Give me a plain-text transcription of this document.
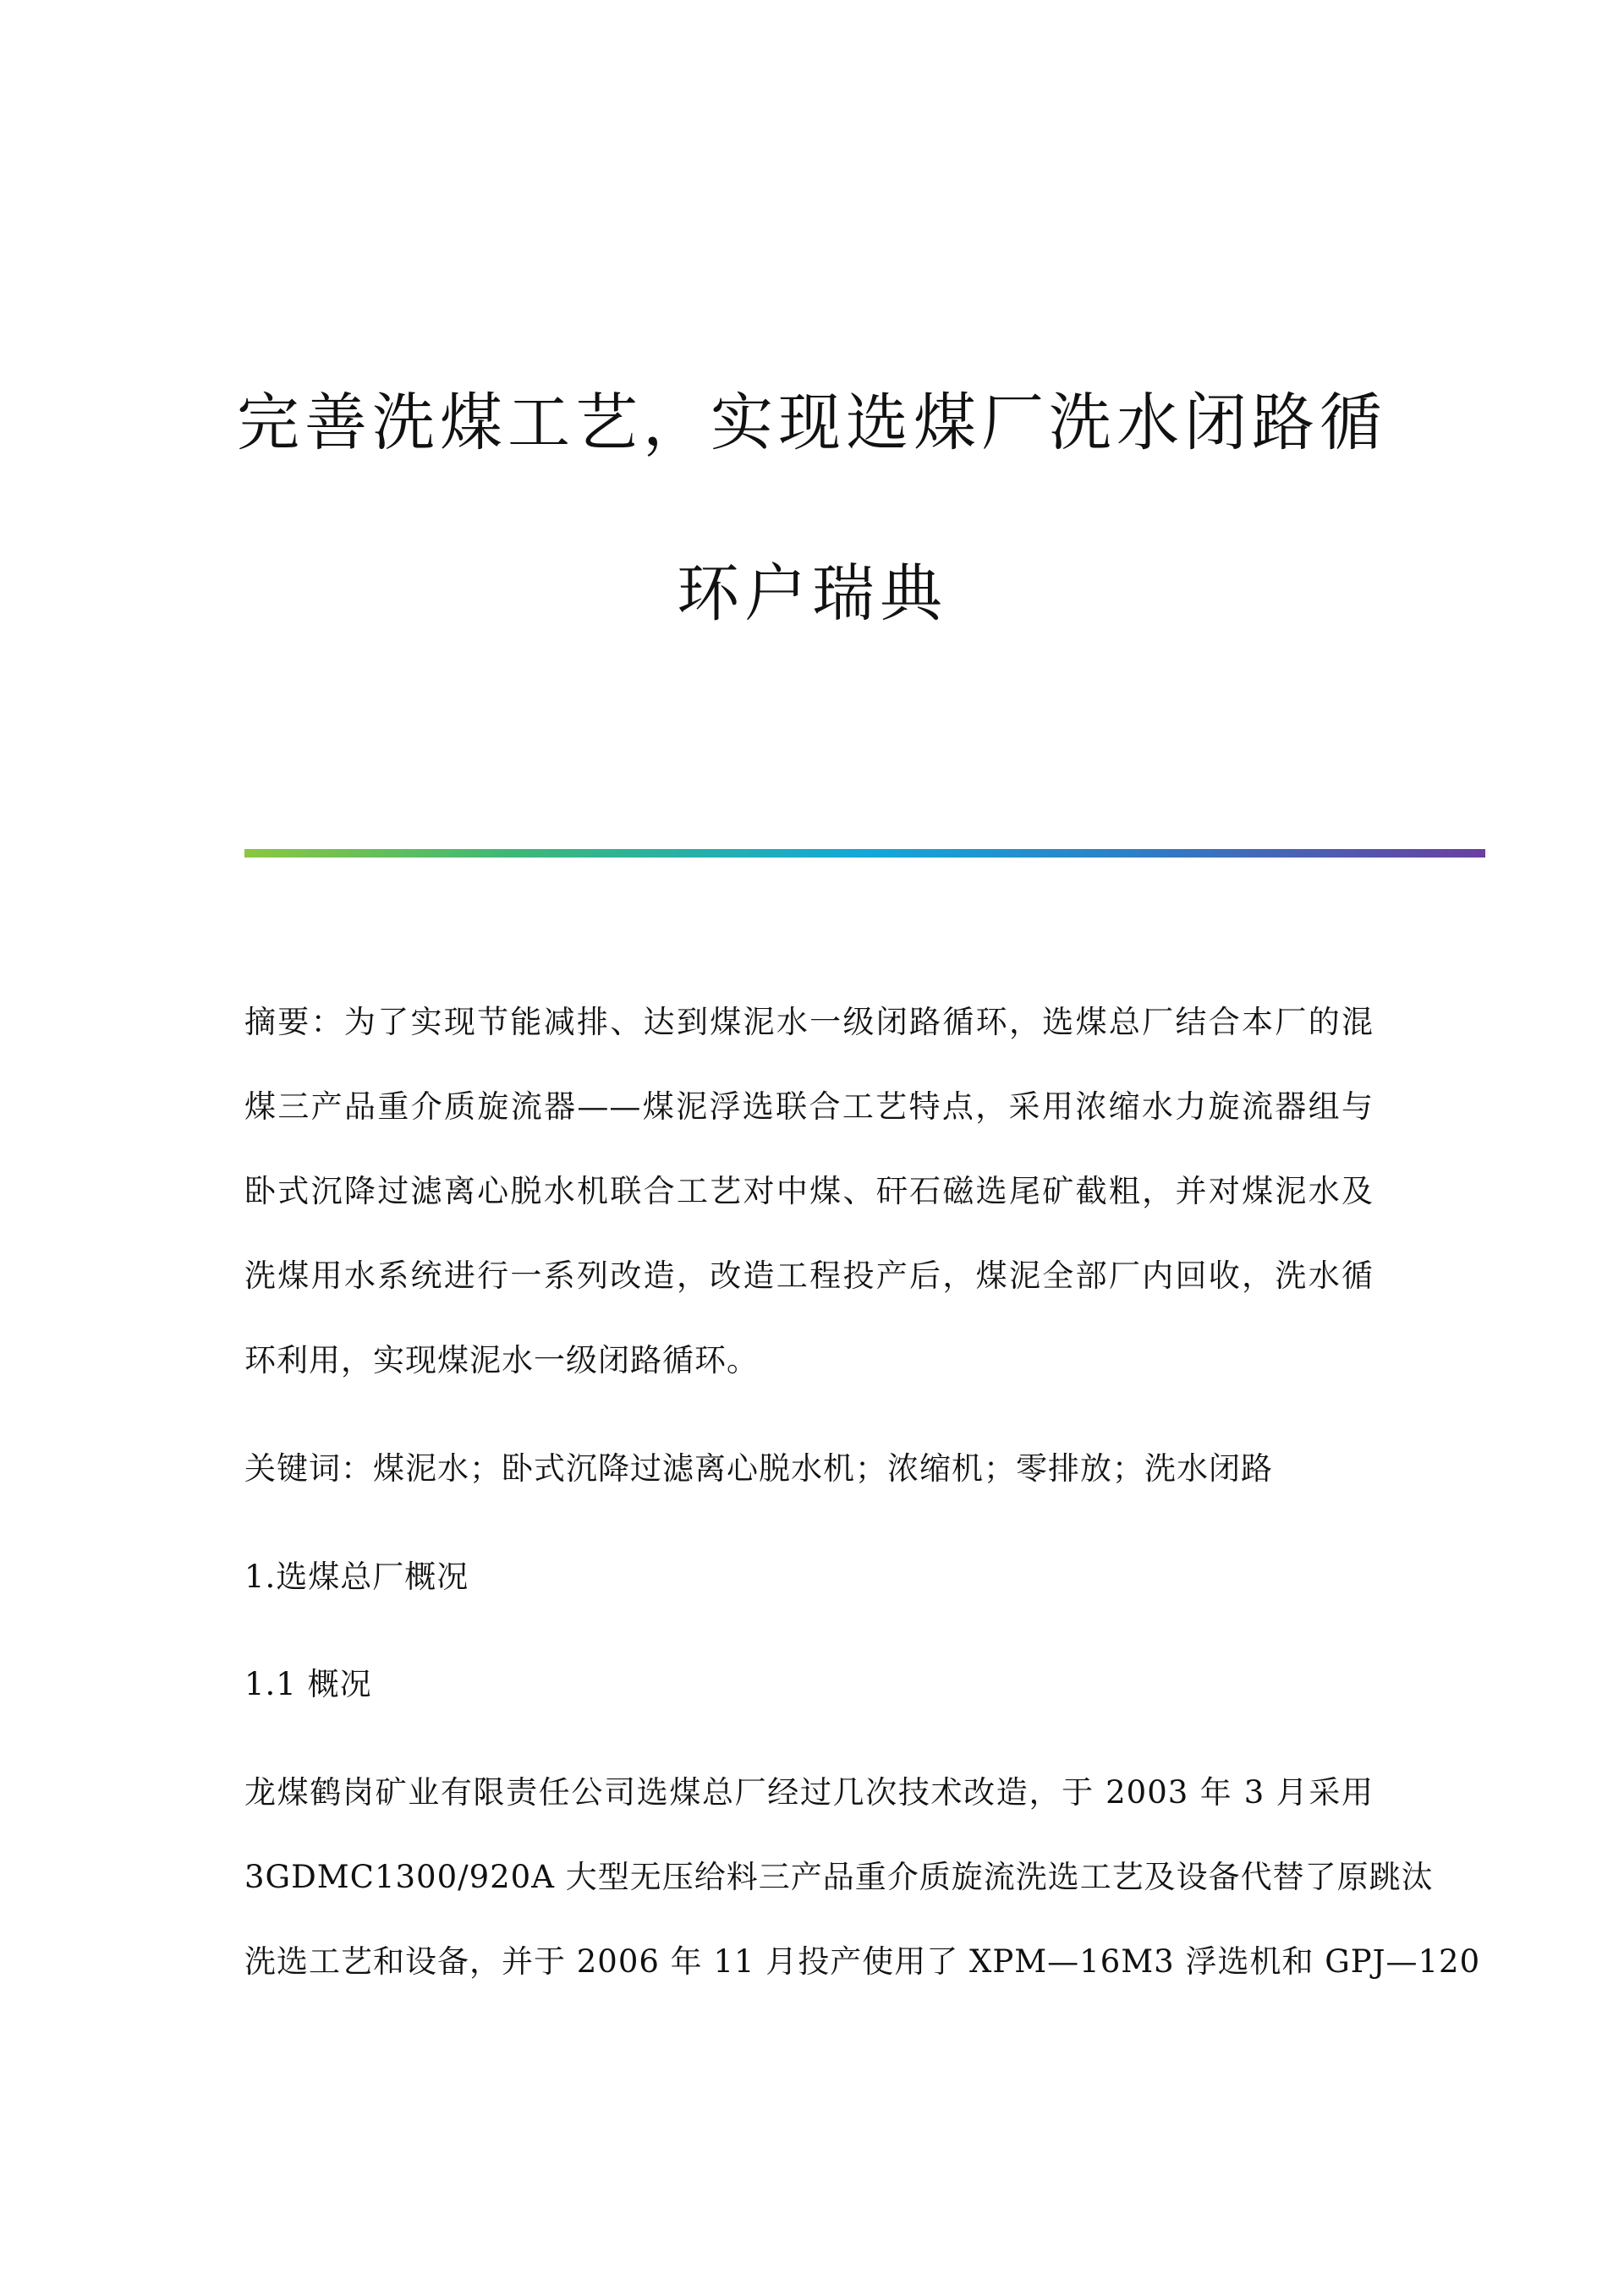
完善洗煤工艺，实现选煤厂洗水闭路循
环户瑞典
摘要：为了实现节能减排、达到煤泥水一级闭路循环，选煤总厂结合本厂的混
煤三产品重介质旋流器——煤泥浮选联合工艺特点，采用浓缩水力旋流器组与
卧式沉降过滤离心脱水机联合工艺对中煤、矸石磁选尾矿截粗，并对煤泥水及
洗煤用水系统进行一系列改造，改造工程投产后，煤泥全部厂内回收，洗水循
环利用，实现煤泥水一级闭路循环。
关键词：煤泥水；卧式沉降过滤离心脱水机；浓缩机；零排放；洗水闭路
1.选煤总厂概况
1.1 概况
龙煤鹤岗矿业有限责任公司选煤总厂经过几次技术改造，于 2003 年 3 月采用
3GDMC1300/920A 大型无压给料三产品重介质旋流洗选工艺及设备代替了原跳汰
洗选工艺和设备，并于 2006 年 11 月投产使用了 XPM—16M3 浮选机和 GPJ—120
